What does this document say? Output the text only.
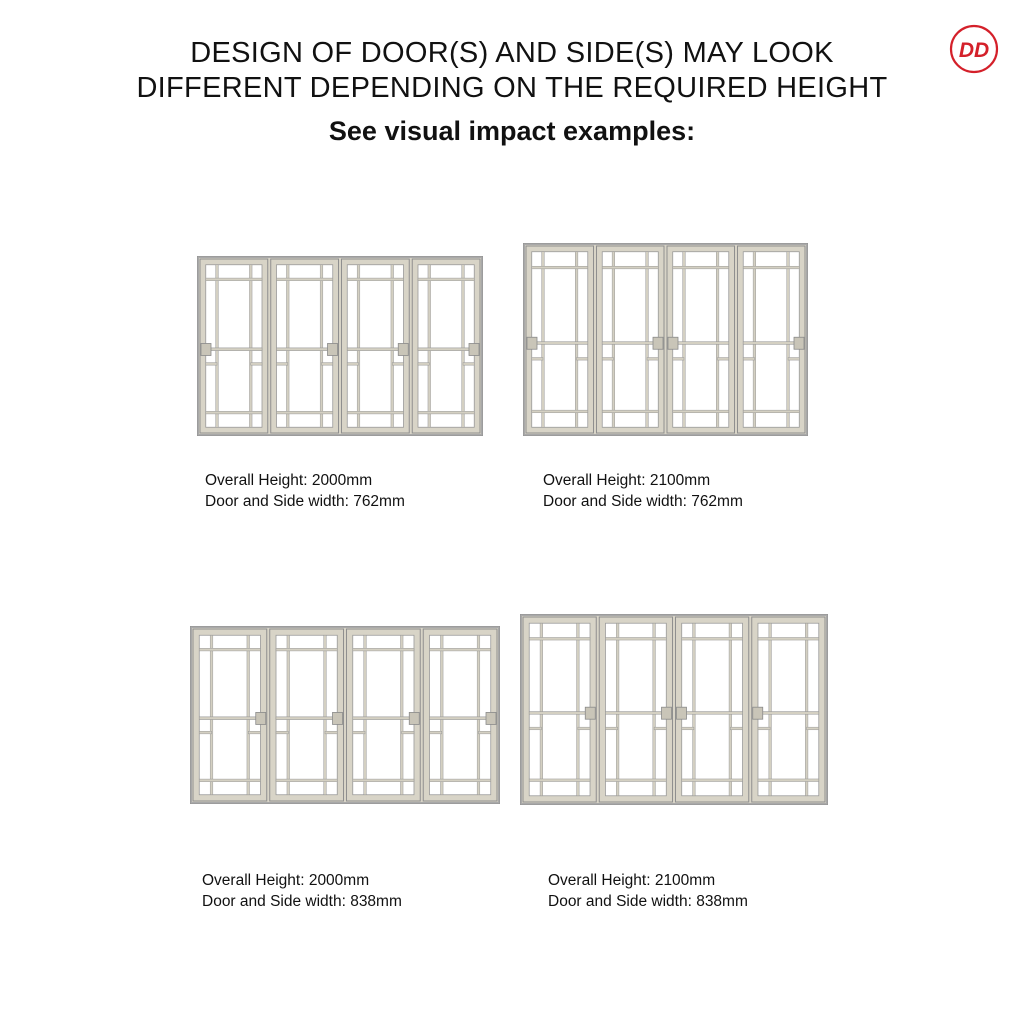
DESIGN OF DOOR(S) AND SIDE(S) MAY LOOK
DIFFERENT DEPENDING ON THE REQUIRED HEIGHT
See visual impact examples:
DD
Overall Height: 2000mm
Door and Side width: 762mm
Overall Height: 2100mm
Door and Side width: 762mm
Overall Height: 2000mm
Door and Side width: 838mm
Overall Height: 2100mm
Door and Side width: 838mm
